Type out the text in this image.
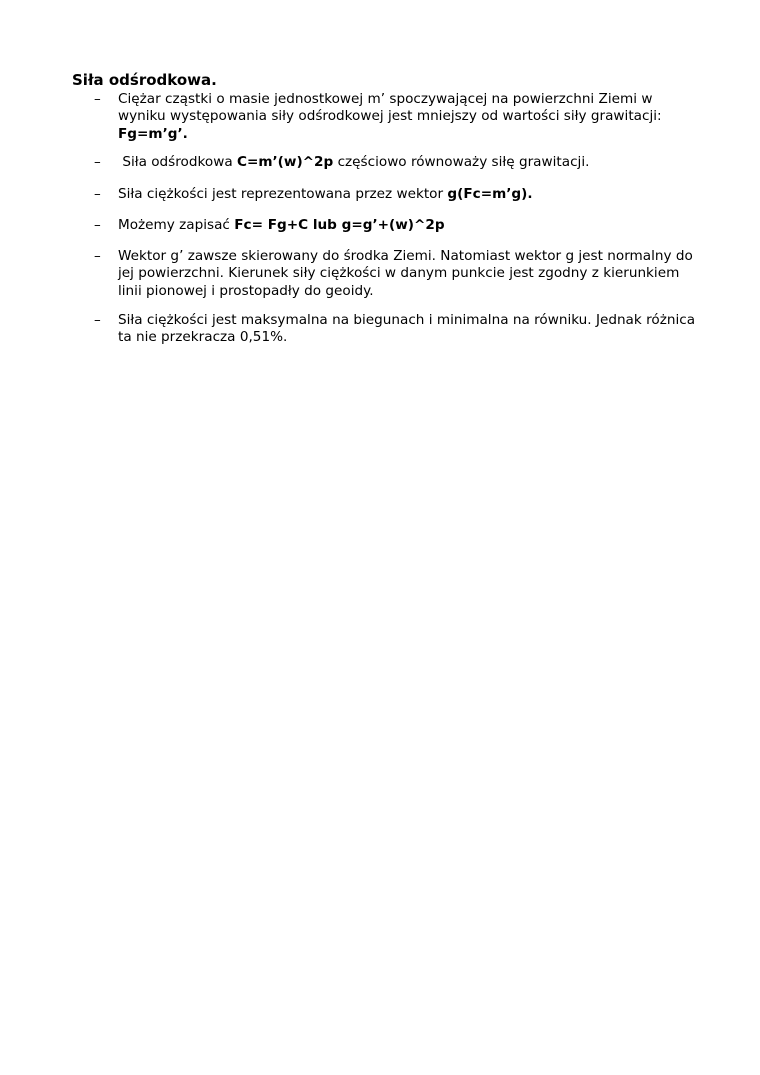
Siła odśrodkowa.
– Ciężar cząstki o masie jednostkowej m’ spoczywającej na powierzchni Ziemi w wyniku występowania siły odśrodkowej jest mniejszy od wartości siły grawitacji: Fg=m’g’.
– Siła odśrodkowa C=m’(w)^2p częściowo równoważy siłę grawitacji.
– Siła ciężkości jest reprezentowana przez wektor g(Fc=m’g).
– Możemy zapisać Fc= Fg+C lub g=g’+(w)^2p
– Wektor g’ zawsze skierowany do środka Ziemi. Natomiast wektor g jest normalny do jej powierzchni. Kierunek siły ciężkości w danym punkcie jest zgodny z kierunkiem linii pionowej i prostopadły do geoidy.
– Siła ciężkości jest maksymalna na biegunach i minimalna na równiku. Jednak różnica ta nie przekracza 0,51%.
